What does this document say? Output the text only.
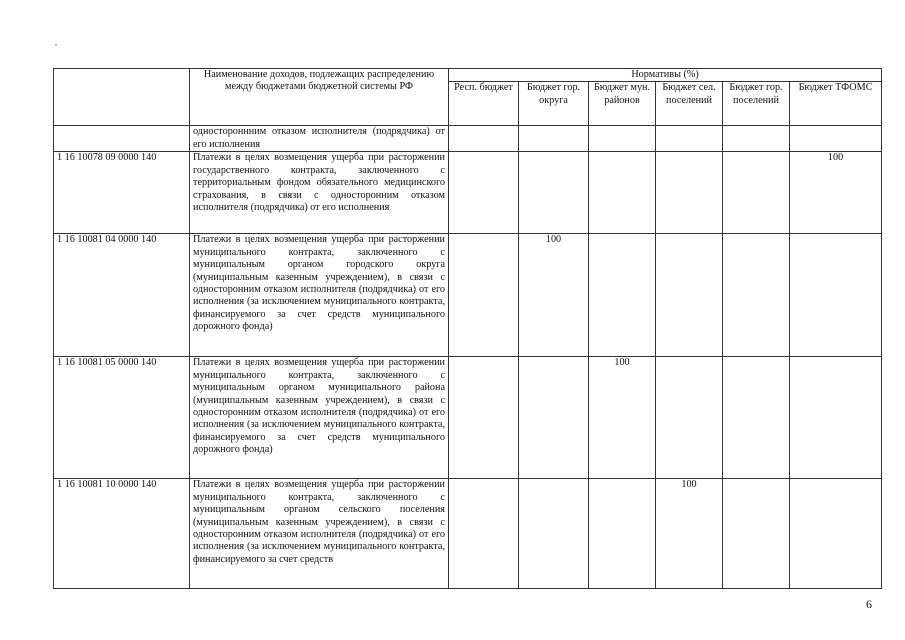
	Наименование доходов, подлежащих распределению между бюджетами бюджетной системы РФ	Нормативы (%)					
		Респ. бюджет	Бюджет гор. округа	Бюджет мун. районов	Бюджет сел. поселений	Бюджет гор. поселений	Бюджет ТФОМС
	одностороннним отказом исполнителя (подрядчика) от его исполнения						
1 16 10078 09 0000 140	Платежи в целях возмещения ущерба при расторжении государственного контракта, заключенного с территориальным фондом обязательного медицинского страхования, в связи с односторонним отказом исполнителя (подрядчика) от его исполнения						100
1 16 10081 04 0000 140	Платежи в целях возмещения ущерба при расторжении муниципального контракта, заключенного с муниципальным органом городского округа (муниципальным казенным учреждением), в связи с односторонним отказом исполнителя (подрядчика) от его исполнения (за исключением муниципального контракта, финансируемого за счет средств муниципального дорожного фонда)		100				
1 16 10081 05 0000 140	Платежи в целях возмещения ущерба при расторжении муниципального контракта, заключенного с муниципальным органом муниципального района (муниципальным казенным учреждением), в связи с односторонним отказом исполнителя (подрядчика) от его исполнения (за исключением муниципального контракта, финансируемого за счет средств муниципального дорожного фонда)			100			
1 16 10081 10 0000 140	Платежи в целях возмещения ущерба при расторжении муниципального контракта, заключенного с муниципальным органом сельского поселения (муниципальным казенным учреждением), в связи с односторонним отказом исполнителя (подрядчика) от его исполнения (за исключением муниципального контракта, финансируемого за счет средств				100		
6
